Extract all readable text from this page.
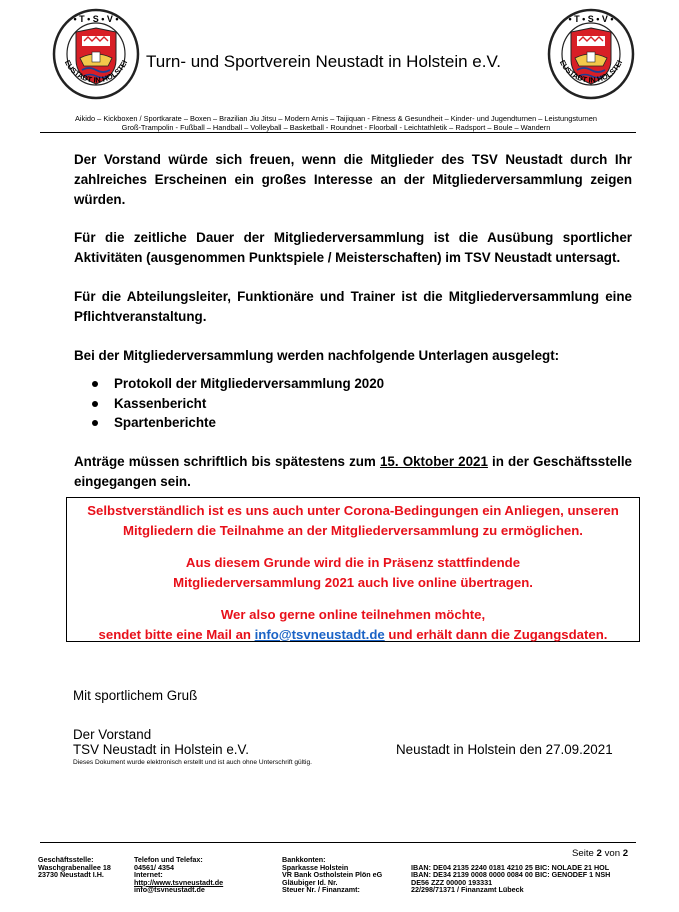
• T • S • V •
EUSTADT IN HOLSTEI Turn- und Sportverein Neustadt in Holstein e.V.
• T • S • V •
EUSTADT IN HOLSTEI
Aikido – Kickboxen / Sportkarate – Boxen – Brazilian Jiu Jitsu – Modern Arnis – Taijiquan - Fitness & Gesundheit – Kinder- und Jugendturnen – Leistungsturnen
Groß-Trampolin - Fußball – Handball – Volleyball – Basketball - Roundnet - Floorball - Leichtathletik – Radsport – Boule – Wandern

Der Vorstand würde sich freuen, wenn die Mitglieder des TSV Neustadt durch Ihr zahlreiches Erscheinen ein großes Interesse an der Mitgliederversammlung zeigen würden.

Für die zeitliche Dauer der Mitgliederversammlung ist die Ausübung sportlicher Aktivitäten (ausgenommen Punktspiele / Meisterschaften) im TSV Neustadt untersagt.

Für die Abteilungsleiter, Funktionäre und Trainer ist die Mitgliederversammlung eine Pflichtveranstaltung.

Bei der Mitgliederversammlung werden nachfolgende Unterlagen ausgelegt:

Protokoll der Mitgliederversammlung 2020
Kassenbericht
Spartenberichte

Anträge müssen schriftlich bis spätestens zum 15. Oktober 2021 in der Geschäftsstelle eingegangen sein.

Selbstverständlich ist es uns auch unter Corona-Bedingungen ein Anliegen, unseren
Mitgliedern die Teilnahme an der Mitgliederversammlung zu ermöglichen.
Aus diesem Grunde wird die in Präsenz stattfindende
Mitgliederversammlung 2021 auch live online übertragen.
Wer also gerne online teilnehmen möchte,
sendet bitte eine Mail an info@tsvneustadt.de und erhält dann die Zugangsdaten.
Mit sportlichem Gruß
Der Vorstand
TSV Neustadt in Holstein e.V.	Neustadt in Holstein den 27.09.2021
Dieses Dokument wurde elektronisch erstellt und ist auch ohne Unterschrift gültig.
Seite 2 von 2
Geschäftsstelle:
Waschgrabenallee 18
23730 Neustadt I.H.
Telefon und Telefax:
04561/ 4354
Internet:
http://www.tsvneustadt.de
info@tsvneustadt.de
Bankkonten:
Sparkasse Holstein
VR Bank Ostholstein Plön eG
Gläubiger Id. Nr.
Steuer Nr. / Finanzamt:
IBAN: DE04 2135 2240 0181 4210 25 BIC: NOLADE 21 HOL
IBAN: DE34 2139 0008 0000 0084 00 BIC: GENODEF 1 NSH
DE56 ZZZ 00000 193331
22/298/71371 / Finanzamt Lübeck
